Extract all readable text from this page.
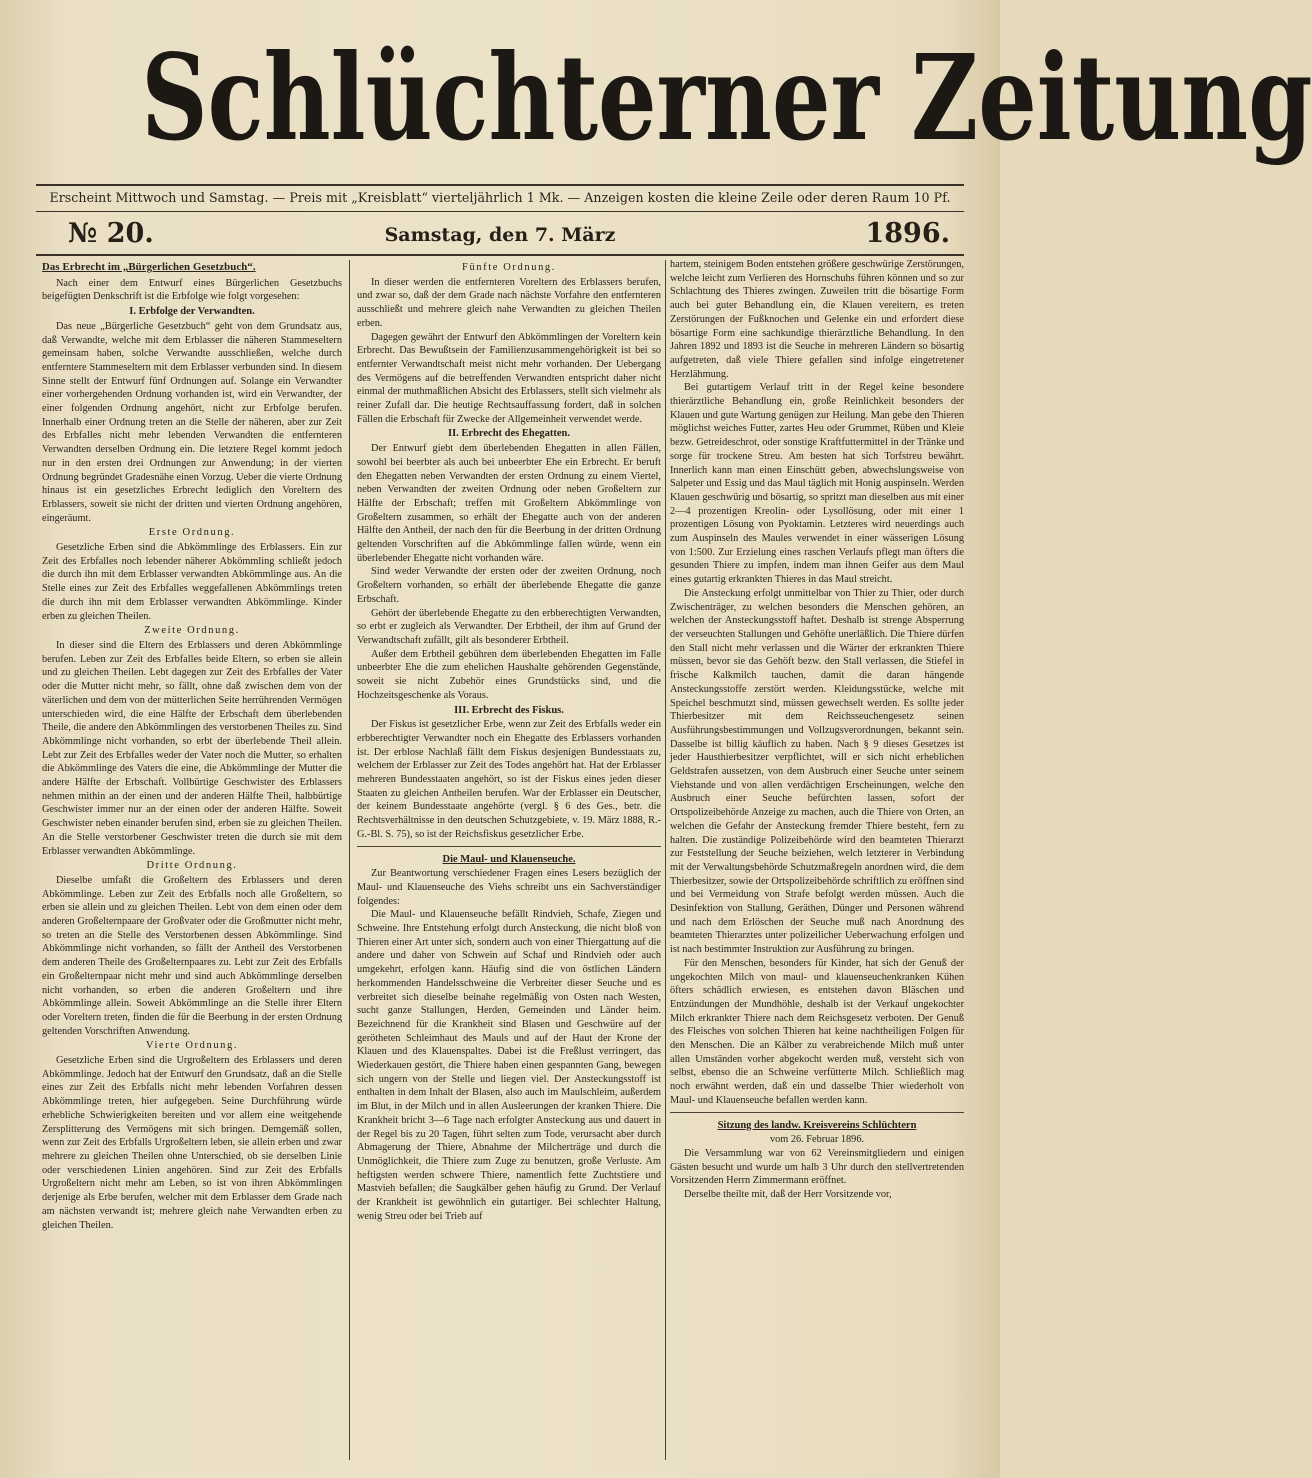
Schlüchterner Zeitung
Erscheint Mittwoch und Samstag. — Preis mit „Kreisblatt“ vierteljährlich 1 Mk. — Anzeigen kosten die kleine Zeile oder deren Raum 10 Pf.
№ 20.	Samstag, den 7. März	1896.
Das Erbrecht im „Bürgerlichen Gesetzbuch“.

Nach einer dem Entwurf eines Bürgerlichen Gesetzbuchs beigefügten Denkschrift ist die Erbfolge wie folgt vorgesehen:

I. Erbfolge der Verwandten.

Das neue „Bürgerliche Gesetzbuch“ geht von dem Grundsatz aus, daß Verwandte, welche mit dem Erblasser die näheren Stammeseltern gemeinsam haben, solche Verwandte ausschließen, welche durch entferntere Stammeseltern mit dem Erblasser verbunden sind. In diesem Sinne stellt der Entwurf fünf Ordnungen auf. Solange ein Verwandter einer vorhergehenden Ordnung vorhanden ist, wird ein Verwandter, der einer folgenden Ordnung angehört, nicht zur Erbfolge berufen. Innerhalb einer Ordnung treten an die Stelle der näheren, aber zur Zeit des Erbfalles nicht mehr lebenden Verwandten die entfernteren Verwandten derselben Ordnung ein. Die letztere Regel kommt jedoch nur in den ersten drei Ordnungen zur Anwendung; in der vierten Ordnung begründet Gradesnähe einen Vorzug. Ueber die vierte Ordnung hinaus ist ein gesetzliches Erbrecht lediglich den Voreltern des Erblassers, soweit sie nicht der dritten und vierten Ordnung angehören, eingeräumt.

Erste Ordnung.

Gesetzliche Erben sind die Abkömmlinge des Erblassers. Ein zur Zeit des Erbfalles noch lebender näherer Abkömmling schließt jedoch die durch ihn mit dem Erblasser verwandten Abkömmlinge aus. An die Stelle eines zur Zeit des Erbfalles weggefallenen Abkömmlings treten die durch ihn mit dem Erblasser verwandten Abkömmlinge. Kinder erben zu gleichen Theilen.

Zweite Ordnung.

In dieser sind die Eltern des Erblassers und deren Abkömmlinge berufen. Leben zur Zeit des Erbfalles beide Eltern, so erben sie allein und zu gleichen Theilen. Lebt dagegen zur Zeit des Erbfalles der Vater oder die Mutter nicht mehr, so fällt, ohne daß zwischen dem von der väterlichen und dem von der mütterlichen Seite herrührenden Vermögen unterschieden wird, die eine Hälfte der Erbschaft dem überlebenden Theile, die andere den Abkömmlingen des verstorbenen Theiles zu. Sind Abkömmlinge nicht vorhanden, so erbt der überlebende Theil allein. Lebt zur Zeit des Erbfalles weder der Vater noch die Mutter, so erhalten die Abkömmlinge des Vaters die eine, die Abkömmlinge der Mutter die andere Hälfte der Erbschaft. Vollbürtige Geschwister des Erblassers nehmen mithin an der einen und der anderen Hälfte Theil, halbbürtige Geschwister immer nur an der einen oder der anderen Hälfte. Soweit Geschwister neben einander berufen sind, erben sie zu gleichen Theilen. An die Stelle verstorbener Geschwister treten die durch sie mit dem Erblasser verwandten Abkömmlinge.

Dritte Ordnung.

Dieselbe umfaßt die Großeltern des Erblassers und deren Abkömmlinge. Leben zur Zeit des Erbfalls noch alle Großeltern, so erben sie allein und zu gleichen Theilen. Lebt von dem einen oder dem anderen Großelternpaare der Großvater oder die Großmutter nicht mehr, so treten an die Stelle des Verstorbenen dessen Abkömmlinge. Sind Abkömmlinge nicht vorhanden, so fällt der Antheil des Verstorbenen dem anderen Theile des Großelternpaares zu. Lebt zur Zeit des Erbfalls ein Großelternpaar nicht mehr und sind auch Abkömmlinge derselben nicht vorhanden, so erben die anderen Großeltern und ihre Abkömmlinge allein. Soweit Abkömmlinge an die Stelle ihrer Eltern oder Voreltern treten, finden die für die Beerbung in der ersten Ordnung geltenden Vorschriften Anwendung.

Vierte Ordnung.

Gesetzliche Erben sind die Urgroßeltern des Erblassers und deren Abkömmlinge. Jedoch hat der Entwurf den Grundsatz, daß an die Stelle eines zur Zeit des Erbfalls nicht mehr lebenden Vorfahren dessen Abkömmlinge treten, hier aufgegeben. Seine Durchführung würde erhebliche Schwierigkeiten bereiten und vor allem eine weitgehende Zersplitterung des Vermögens mit sich bringen. Demgemäß sollen, wenn zur Zeit des Erbfalls Urgroßeltern leben, sie allein erben und zwar mehrere zu gleichen Theilen ohne Unterschied, ob sie derselben Linie oder verschiedenen Linien angehören. Sind zur Zeit des Erbfalls Urgroßeltern nicht mehr am Leben, so ist von ihren Abkömmlingen derjenige als Erbe berufen, welcher mit dem Erblasser dem Grade nach am nächsten verwandt ist; mehrere gleich nahe Verwandten erben zu gleichen Theilen.

Fünfte Ordnung.

In dieser werden die entfernteren Voreltern des Erblassers berufen, und zwar so, daß der dem Grade nach nächste Vorfahre den entfernteren ausschließt und mehrere gleich nahe Verwandten zu gleichen Theilen erben.

Dagegen gewährt der Entwurf den Abkömmlingen der Voreltern kein Erbrecht. Das Bewußtsein der Familienzusammengehörigkeit ist bei so entfernter Verwandtschaft meist nicht mehr vorhanden. Der Uebergang des Vermögens auf die betreffenden Verwandten entspricht daher nicht einmal der muthmaßlichen Absicht des Erblassers, stellt sich vielmehr als reiner Zufall dar. Die heutige Rechtsauffassung fordert, daß in solchen Fällen die Erbschaft für Zwecke der Allgemeinheit verwendet werde.

II. Erbrecht des Ehegatten.

Der Entwurf giebt dem überlebenden Ehegatten in allen Fällen, sowohl bei beerbter als auch bei unbeerbter Ehe ein Erbrecht. Er beruft den Ehegatten neben Verwandten der ersten Ordnung zu einem Viertel, neben Verwandten der zweiten Ordnung oder neben Großeltern zur Hälfte der Erbschaft; treffen mit Großeltern Abkömmlinge von Großeltern zusammen, so erhält der Ehegatte auch von der anderen Hälfte den Antheil, der nach den für die Beerbung in der dritten Ordnung geltenden Vorschriften auf die Abkömmlinge fallen würde, wenn ein überlebender Ehegatte nicht vorhanden wäre.

Sind weder Verwandte der ersten oder der zweiten Ordnung, noch Großeltern vorhanden, so erhält der überlebende Ehegatte die ganze Erbschaft.

Gehört der überlebende Ehegatte zu den erbberechtigten Verwandten, so erbt er zugleich als Verwandter. Der Erbtheil, der ihm auf Grund der Verwandtschaft zufällt, gilt als besonderer Erbtheil.

Außer dem Erbtheil gebühren dem überlebenden Ehegatten im Falle unbeerbter Ehe die zum ehelichen Haushalte gehörenden Gegenstände, soweit sie nicht Zubehör eines Grundstücks sind, und die Hochzeitsgeschenke als Voraus.

III. Erbrecht des Fiskus.

Der Fiskus ist gesetzlicher Erbe, wenn zur Zeit des Erbfalls weder ein erbberechtigter Verwandter noch ein Ehegatte des Erblassers vorhanden ist. Der erblose Nachlaß fällt dem Fiskus desjenigen Bundesstaats zu, welchem der Erblasser zur Zeit des Todes angehört hat. Hat der Erblasser mehreren Bundesstaaten angehört, so ist der Fiskus eines jeden dieser Staaten zu gleichen Antheilen berufen. War der Erblasser ein Deutscher, der keinem Bundesstaate angehörte (vergl. § 6 des Ges., betr. die Rechtsverhältnisse in den deutschen Schutzgebiete, v. 19. März 1888, R.-G.-Bl. S. 75), so ist der Reichsfiskus gesetzlicher Erbe.

Die Maul- und Klauenseuche.

Zur Beantwortung verschiedener Fragen eines Lesers bezüglich der Maul- und Klauenseuche des Viehs schreibt uns ein Sachverständiger folgendes:

Die Maul- und Klauenseuche befällt Rindvieh, Schafe, Ziegen und Schweine. Ihre Entstehung erfolgt durch Ansteckung, die nicht bloß von Thieren einer Art unter sich, sondern auch von einer Thiergattung auf die andere und daher von Schwein auf Schaf und Rindvieh oder auch umgekehrt, erfolgen kann. Häufig sind die von östlichen Ländern herkommenden Handelsschweine die Verbreiter dieser Seuche und es verbreitet sich dieselbe beinahe regelmäßig von Osten nach Westen, sucht ganze Stallungen, Herden, Gemeinden und Länder heim. Bezeichnend für die Krankheit sind Blasen und Geschwüre auf der gerötheten Schleimhaut des Mauls und auf der Haut der Krone der Klauen und des Klauenspaltes. Dabei ist die Freßlust verringert, das Wiederkauen gestört, die Thiere haben einen gespannten Gang, bewegen sich ungern von der Stelle und liegen viel. Der Ansteckungsstoff ist enthalten in dem Inhalt der Blasen, also auch im Maulschleim, außerdem im Blut, in der Milch und in allen Ausleerungen der kranken Thiere. Die Krankheit bricht 3—6 Tage nach erfolgter Ansteckung aus und dauert in der Regel bis zu 20 Tagen, führt selten zum Tode, verursacht aber durch Abmagerung der Thiere, Abnahme der Milcherträge und durch die Unmöglichkeit, die Thiere zum Zuge zu benutzen, große Verluste. Am heftigsten werden schwere Thiere, namentlich fette Zuchtstiere und Mastvieh befallen; die Saugkälber gehen häufig zu Grund. Der Verlauf der Krankheit ist gewöhnlich ein gutartiger. Bei schlechter Haltung, wenig Streu oder bei Trieb auf

hartem, steinigem Boden entstehen größere geschwürige Zerstörungen, welche leicht zum Verlieren des Hornschuhs führen können und so zur Schlachtung des Thieres zwingen. Zuweilen tritt die bösartige Form auch bei guter Behandlung ein, die Klauen vereitern, es treten Zerstörungen der Fußknochen und Gelenke ein und erfordert diese bösartige Form eine sachkundige thierärztliche Behandlung. In den Jahren 1892 und 1893 ist die Seuche in mehreren Ländern so bösartig aufgetreten, daß viele Thiere gefallen sind infolge eingetretener Herzlähmung.

Bei gutartigem Verlauf tritt in der Regel keine besondere thierärztliche Behandlung ein, große Reinlichkeit besonders der Klauen und gute Wartung genügen zur Heilung. Man gebe den Thieren möglichst weiches Futter, zartes Heu oder Grummet, Rüben und Kleie bezw. Getreideschrot, oder sonstige Kraftfuttermittel in der Tränke und sorge für trockene Streu. Am besten hat sich Torfstreu bewährt. Innerlich kann man einen Einschütt geben, abwechslungsweise von Salpeter und Essig und das Maul täglich mit Honig auspinseln. Werden Klauen geschwürig und bösartig, so spritzt man dieselben aus mit einer 2—4 prozentigen Kreolin- oder Lysollösung, oder mit einer 1 prozentigen Lösung von Pyoktamin. Letzteres wird neuerdings auch zum Auspinseln des Maules verwendet in einer wässerigen Lösung von 1:500. Zur Erzielung eines raschen Verlaufs pflegt man öfters die gesunden Thiere zu impfen, indem man ihnen Geifer aus dem Maul eines gutartig erkrankten Thieres in das Maul streicht.

Die Ansteckung erfolgt unmittelbar von Thier zu Thier, oder durch Zwischenträger, zu welchen besonders die Menschen gehören, an welchen der Ansteckungsstoff haftet. Deshalb ist strenge Absperrung der verseuchten Stallungen und Gehöfte unerläßlich. Die Thiere dürfen den Stall nicht mehr verlassen und die Wärter der erkrankten Thiere müssen, bevor sie das Gehöft bezw. den Stall verlassen, die Stiefel in frische Kalkmilch tauchen, damit die daran hängende Ansteckungsstoffe zerstört werden. Kleidungsstücke, welche mit Speichel beschmutzt sind, müssen gewechselt werden. Es sollte jeder Thierbesitzer mit dem Reichsseuchengesetz seinen Ausführungsbestimmungen und Vollzugsverordnungen, bekannt sein. Dasselbe ist billig käuflich zu haben. Nach § 9 dieses Gesetzes ist jeder Hausthierbesitzer verpflichtet, will er sich nicht erheblichen Geldstrafen aussetzen, von dem Ausbruch einer Seuche unter seinem Viehstande und von allen verdächtigen Erscheinungen, welche den Ausbruch einer Seuche befürchten lassen, sofort der Ortspolizeibehörde Anzeige zu machen, auch die Thiere von Orten, an welchen die Gefahr der Ansteckung fremder Thiere besteht, fern zu halten. Die zuständige Polizeibehörde wird den beamteten Thierarzt zur Feststellung der Seuche beiziehen, welch letzterer in Verbindung mit der Verwaltungsbehörde Schutzmaßregeln anordnen wird, die dem Thierbesitzer, sowie der Ortspolizeibehörde schriftlich zu eröffnen sind und bei Vermeidung von Strafe befolgt werden müssen. Auch die Desinfektion von Stallung, Geräthen, Dünger und Personen während und nach dem Erlöschen der Seuche muß nach Anordnung des beamteten Thierarztes unter polizeilicher Ueberwachung erfolgen und ist nach bestimmter Instruktion zur Ausführung zu bringen.

Für den Menschen, besonders für Kinder, hat sich der Genuß der ungekochten Milch von maul- und klauenseuchenkranken Kühen öfters schädlich erwiesen, es entstehen davon Bläschen und Entzündungen der Mundhöhle, deshalb ist der Verkauf ungekochter Milch erkrankter Thiere nach dem Reichsgesetz verboten. Der Genuß des Fleisches von solchen Thieren hat keine nachtheiligen Folgen für den Menschen. Die an Kälber zu verabreichende Milch muß unter allen Umständen vorher abgekocht werden muß, versteht sich von selbst, ebenso die an Schweine verfütterte Milch. Schließlich mag noch erwähnt werden, daß ein und dasselbe Thier wiederholt von Maul- und Klauenseuche befallen werden kann.

Sitzung des landw. Kreisvereins Schlüchtern

vom 26. Februar 1896.

Die Versammlung war von 62 Vereinsmitgliedern und einigen Gästen besucht und wurde um halb 3 Uhr durch den stellvertretenden Vorsitzenden Herrn Zimmermann eröffnet.

Derselbe theilte mit, daß der Herr Vorsitzende vor,
